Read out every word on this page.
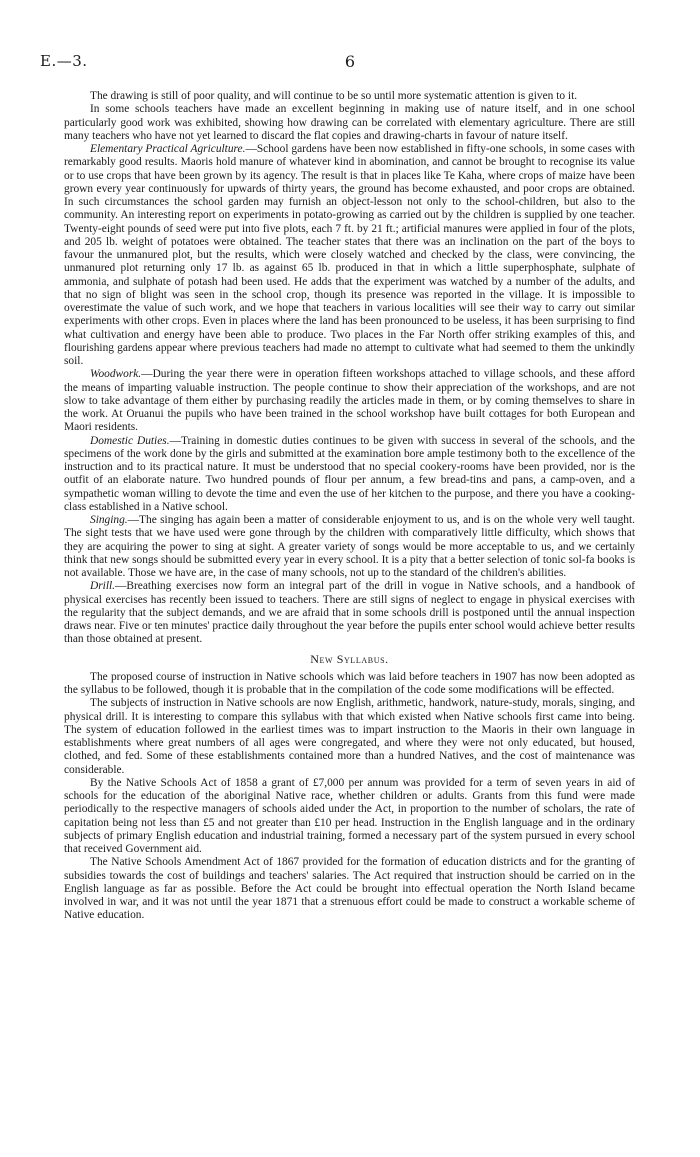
E.—3.	6

The drawing is still of poor quality, and will continue to be so until more systematic attention is given to it.

In some schools teachers have made an excellent beginning in making use of nature itself, and in one school particularly good work was exhibited, showing how drawing can be correlated with elementary agriculture. There are still many teachers who have not yet learned to discard the flat copies and drawing-charts in favour of nature itself.

Elementary Practical Agriculture.—School gardens have been now established in fifty-one schools, in some cases with remarkably good results. Maoris hold manure of whatever kind in abomination, and cannot be brought to recognise its value or to use crops that have been grown by its agency. The result is that in places like Te Kaha, where crops of maize have been grown every year continuously for upwards of thirty years, the ground has become exhausted, and poor crops are obtained. In such circumstances the school garden may furnish an object-lesson not only to the school-children, but also to the community. An interesting report on experiments in potato-growing as carried out by the children is supplied by one teacher. Twenty-eight pounds of seed were put into five plots, each 7 ft. by 21 ft.; artificial manures were applied in four of the plots, and 205 lb. weight of potatoes were obtained. The teacher states that there was an inclination on the part of the boys to favour the unmanured plot, but the results, which were closely watched and checked by the class, were convincing, the unmanured plot returning only 17 lb. as against 65 lb. produced in that in which a little superphosphate, sulphate of ammonia, and sulphate of potash had been used. He adds that the experiment was watched by a number of the adults, and that no sign of blight was seen in the school crop, though its presence was reported in the village. It is impossible to overestimate the value of such work, and we hope that teachers in various localities will see their way to carry out similar experiments with other crops. Even in places where the land has been pronounced to be useless, it has been surprising to find what cultivation and energy have been able to produce. Two places in the Far North offer striking examples of this, and flourishing gardens appear where previous teachers had made no attempt to cultivate what had seemed to them the unkindly soil.

Woodwork.—During the year there were in operation fifteen workshops attached to village schools, and these afford the means of imparting valuable instruction. The people continue to show their appreciation of the workshops, and are not slow to take advantage of them either by purchasing readily the articles made in them, or by coming themselves to share in the work. At Oruanui the pupils who have been trained in the school workshop have built cottages for both European and Maori residents.

Domestic Duties.—Training in domestic duties continues to be given with success in several of the schools, and the specimens of the work done by the girls and submitted at the examination bore ample testimony both to the excellence of the instruction and to its practical nature. It must be understood that no special cookery-rooms have been provided, nor is the outfit of an elaborate nature. Two hundred pounds of flour per annum, a few bread-tins and pans, a camp-oven, and a sympathetic woman willing to devote the time and even the use of her kitchen to the purpose, and there you have a cooking-class established in a Native school.

Singing.—The singing has again been a matter of considerable enjoyment to us, and is on the whole very well taught. The sight tests that we have used were gone through by the children with comparatively little difficulty, which shows that they are acquiring the power to sing at sight. A greater variety of songs would be more acceptable to us, and we certainly think that new songs should be submitted every year in every school. It is a pity that a better selection of tonic sol-fa books is not available. Those we have are, in the case of many schools, not up to the standard of the children's abilities.

Drill.—Breathing exercises now form an integral part of the drill in vogue in Native schools, and a handbook of physical exercises has recently been issued to teachers. There are still signs of neglect to engage in physical exercises with the regularity that the subject demands, and we are afraid that in some schools drill is postponed until the annual inspection draws near. Five or ten minutes' practice daily throughout the year before the pupils enter school would achieve better results than those obtained at present.

New Syllabus.

The proposed course of instruction in Native schools which was laid before teachers in 1907 has now been adopted as the syllabus to be followed, though it is probable that in the compilation of the code some modifications will be effected.

The subjects of instruction in Native schools are now English, arithmetic, handwork, nature-study, morals, singing, and physical drill. It is interesting to compare this syllabus with that which existed when Native schools first came into being. The system of education followed in the earliest times was to impart instruction to the Maoris in their own language in establishments where great numbers of all ages were congregated, and where they were not only educated, but housed, clothed, and fed. Some of these establishments contained more than a hundred Natives, and the cost of maintenance was considerable.

By the Native Schools Act of 1858 a grant of £7,000 per annum was provided for a term of seven years in aid of schools for the education of the aboriginal Native race, whether children or adults. Grants from this fund were made periodically to the respective managers of schools aided under the Act, in proportion to the number of scholars, the rate of capitation being not less than £5 and not greater than £10 per head. Instruction in the English language and in the ordinary subjects of primary English education and industrial training, formed a necessary part of the system pursued in every school that received Government aid.

The Native Schools Amendment Act of 1867 provided for the formation of education districts and for the granting of subsidies towards the cost of buildings and teachers' salaries. The Act required that instruction should be carried on in the English language as far as possible. Before the Act could be brought into effectual operation the North Island became involved in war, and it was not until the year 1871 that a strenuous effort could be made to construct a workable scheme of Native education.
